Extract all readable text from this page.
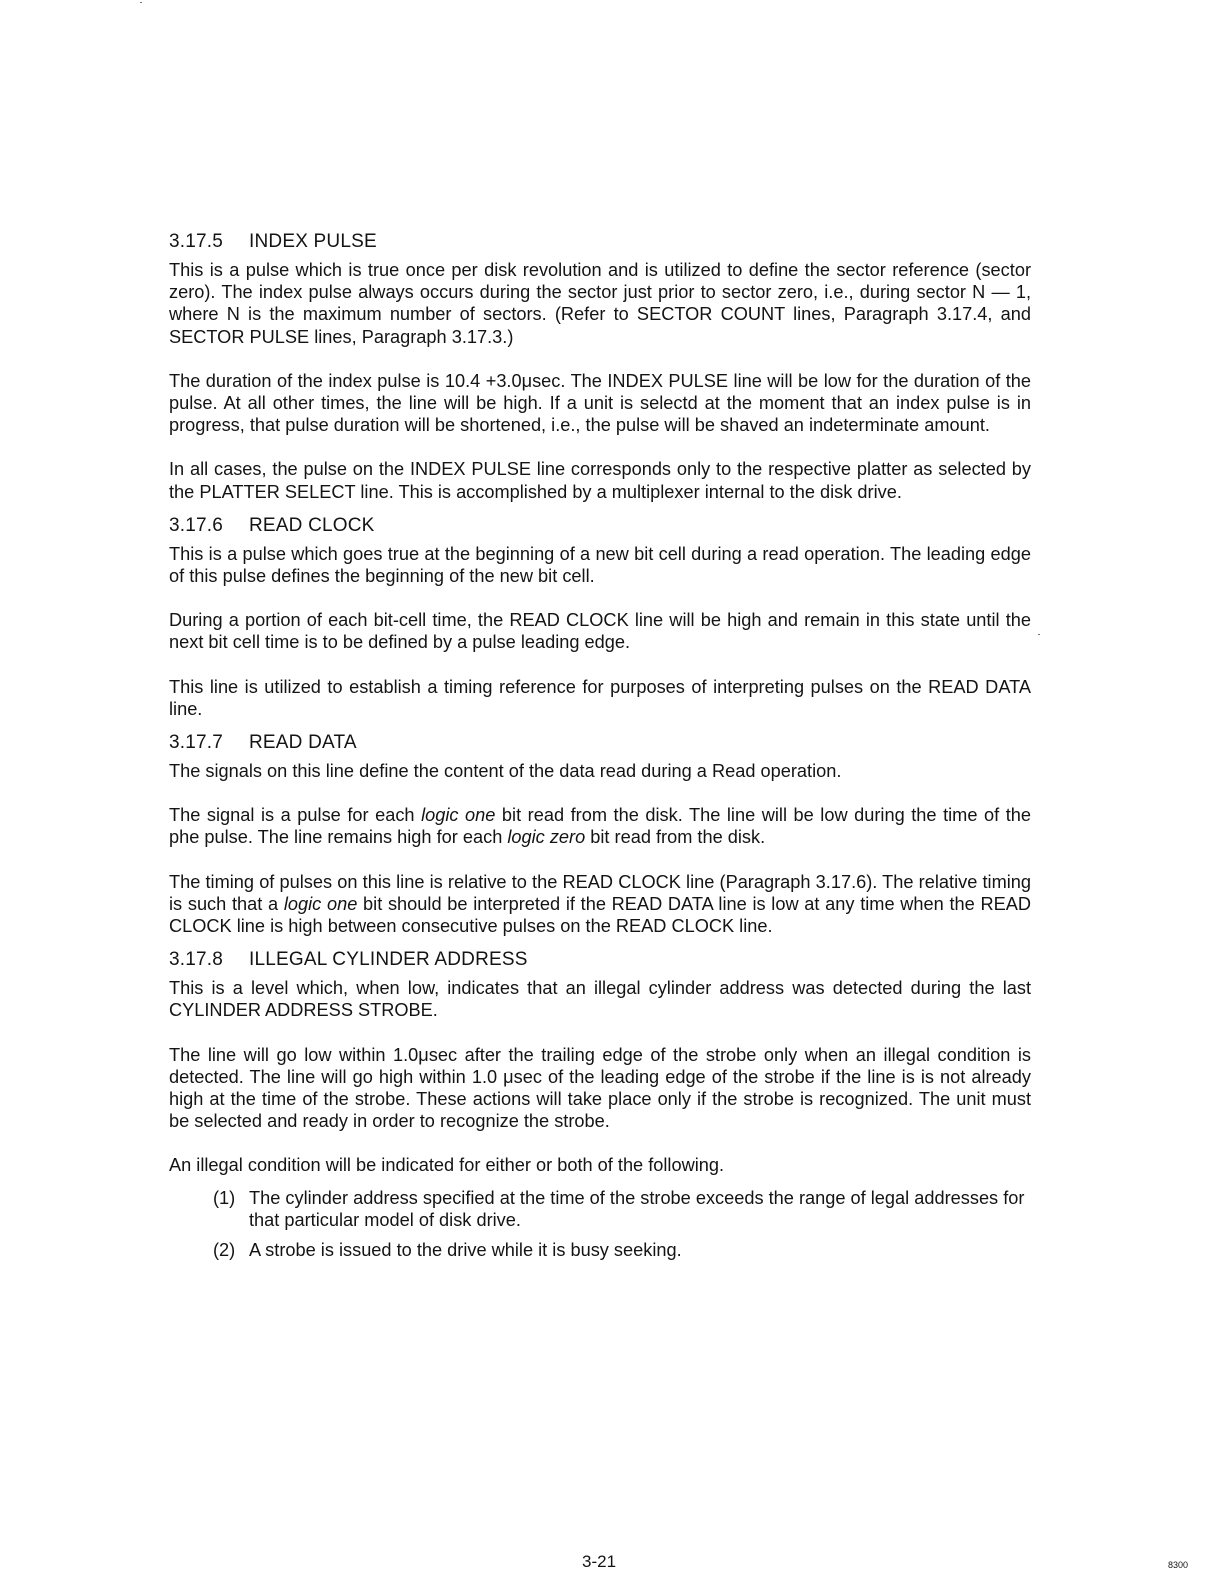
3.17.5 INDEX PULSE

This is a pulse which is true once per disk revolution and is utilized to define the sector reference (sector zero). The index pulse always occurs during the sector just prior to sector zero, i.e., during sector N — 1, where N is the maximum number of sectors. (Refer to SECTOR COUNT lines, Paragraph 3.17.4, and SECTOR PULSE lines, Paragraph 3.17.3.)

The duration of the index pulse is 10.4 +3.0μsec. The INDEX PULSE line will be low for the duration of the pulse. At all other times, the line will be high. If a unit is selectd at the moment that an index pulse is in progress, that pulse duration will be shortened, i.e., the pulse will be shaved an indeterminate amount.

In all cases, the pulse on the INDEX PULSE line corresponds only to the respective platter as selected by the PLATTER SELECT line. This is accomplished by a multiplexer internal to the disk drive.

3.17.6 READ CLOCK

This is a pulse which goes true at the beginning of a new bit cell during a read operation. The leading edge of this pulse defines the beginning of the new bit cell.

During a portion of each bit-cell time, the READ CLOCK line will be high and remain in this state until the next bit cell time is to be defined by a pulse leading edge.

This line is utilized to establish a timing reference for purposes of interpreting pulses on the READ DATA line.

3.17.7 READ DATA

The signals on this line define the content of the data read during a Read operation.

The signal is a pulse for each logic one bit read from the disk. The line will be low during the time of the phe pulse. The line remains high for each logic zero bit read from the disk.

The timing of pulses on this line is relative to the READ CLOCK line (Paragraph 3.17.6). The relative timing is such that a logic one bit should be interpreted if the READ DATA line is low at any time when the READ CLOCK line is high between consecutive pulses on the READ CLOCK line.

3.17.8 ILLEGAL CYLINDER ADDRESS

This is a level which, when low, indicates that an illegal cylinder address was detected during the last CYLINDER ADDRESS STROBE.

The line will go low within 1.0μsec after the trailing edge of the strobe only when an illegal condition is detected. The line will go high within 1.0 μsec of the leading edge of the strobe if the line is is not already high at the time of the strobe. These actions will take place only if the strobe is recognized. The unit must be selected and ready in order to recognize the strobe.

An illegal condition will be indicated for either or both of the following.

(1) The cylinder address specified at the time of the strobe exceeds the range of legal addresses for that particular model of disk drive.
(2) A strobe is issued to the drive while it is busy seeking.
3-21	8300
